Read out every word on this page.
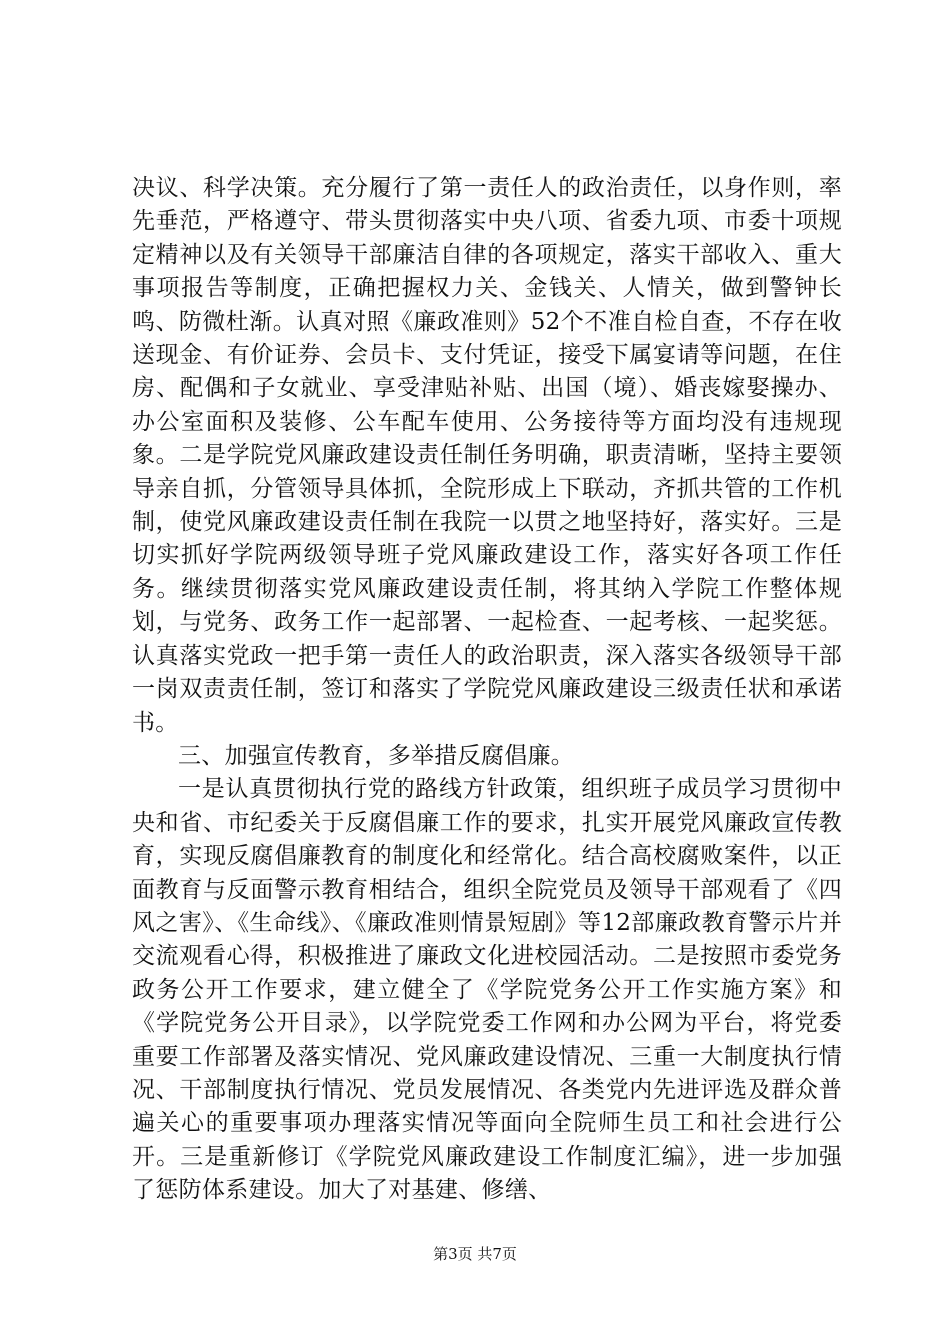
决议、科学决策。充分履行了第一责任人的政治责任，以身作则，率先垂范，严格遵守、带头贯彻落实中央八项、省委九项、市委十项规定精神以及有关领导干部廉洁自律的各项规定，落实干部收入、重大事项报告等制度，正确把握权力关、金钱关、人情关，做到警钟长鸣、防微杜渐。认真对照《廉政准则》52个不准自检自查，不存在收送现金、有价证券、会员卡、支付凭证，接受下属宴请等问题，在住房、配偶和子女就业、享受津贴补贴、出国（境）、婚丧嫁娶操办、办公室面积及装修、公车配车使用、公务接待等方面均没有违规现象。二是学院党风廉政建设责任制任务明确，职责清晰，坚持主要领导亲自抓，分管领导具体抓，全院形成上下联动，齐抓共管的工作机制，使党风廉政建设责任制在我院一以贯之地坚持好，落实好。三是切实抓好学院两级领导班子党风廉政建设工作，落实好各项工作任务。继续贯彻落实党风廉政建设责任制，将其纳入学院工作整体规划，与党务、政务工作一起部署、一起检查、一起考核、一起奖惩。认真落实党政一把手第一责任人的政治职责，深入落实各级领导干部一岗双责责任制，签订和落实了学院党风廉政建设三级责任状和承诺书。

三、加强宣传教育，多举措反腐倡廉。

一是认真贯彻执行党的路线方针政策，组织班子成员学习贯彻中央和省、市纪委关于反腐倡廉工作的要求，扎实开展党风廉政宣传教育，实现反腐倡廉教育的制度化和经常化。结合高校腐败案件，以正面教育与反面警示教育相结合，组织全院党员及领导干部观看了《四风之害》、《生命线》、《廉政准则情景短剧》等12部廉政教育警示片并交流观看心得，积极推进了廉政文化进校园活动。二是按照市委党务政务公开工作要求，建立健全了《学院党务公开工作实施方案》和《学院党务公开目录》，以学院党委工作网和办公网为平台，将党委重要工作部署及落实情况、党风廉政建设情况、三重一大制度执行情况、干部制度执行情况、党员发展情况、各类党内先进评选及群众普遍关心的重要事项办理落实情况等面向全院师生员工和社会进行公开。三是重新修订《学院党风廉政建设工作制度汇编》，进一步加强了惩防体系建设。加大了对基建、修缮、

第3页 共7页
